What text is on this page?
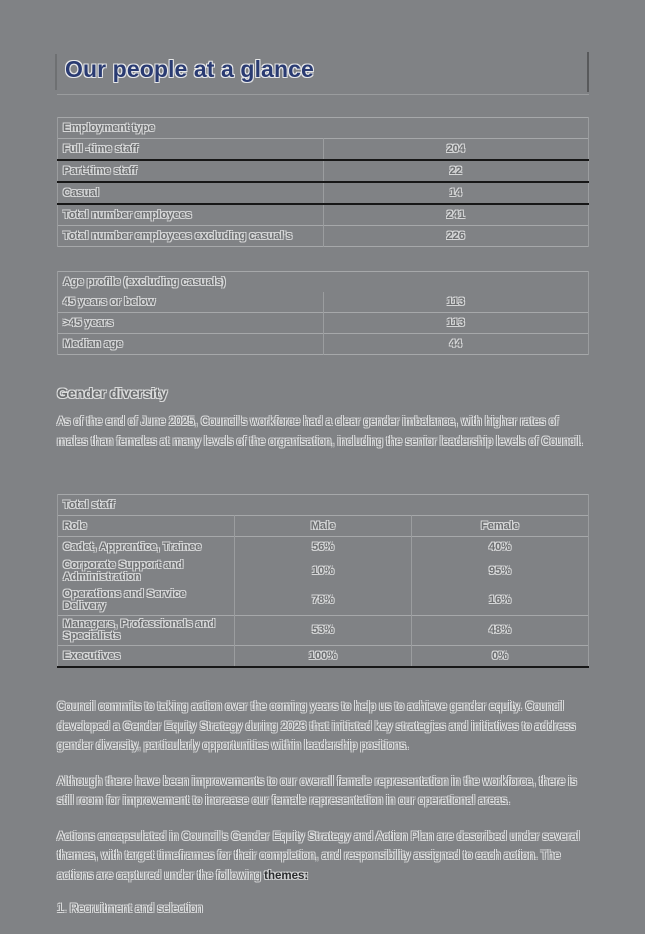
Our people at a glance
Employment type	
Full -time staff	204
Part-time staff	22
Casual	14
Total number employees	241
Total number employees excluding casual's	226
Age profile (excluding casuals)	
45 years or below	113
>45 years	113
Median age	44
Gender diversity

As of the end of June 2025, Council's workforce had a clear gender imbalance, with higher rates of males than females at many levels of the organisation, including the senior leadership levels of Council.

Total staff		
Role	Male	Female
Cadet, Apprentice, Trainee	56%	40%
Corporate Support and Administration	10%	95%
Operations and Service Delivery	78%	16%
Managers, Professionals and Specialists	53%	48%
Executives	100%	0%

Council commits to taking action over the coming years to help us to achieve gender equity. Council developed a Gender Equity Strategy during 2023 that initiated key strategies and initiatives to address gender diversity, particularly opportunities within leadership positions.

Although there have been improvements to our overall female representation in the workforce, there is still room for improvement to increase our female representation in our operational areas.

Actions encapsulated in Council's Gender Equity Strategy and Action Plan are described under several themes, with target timeframes for their completion, and responsibility assigned to each action. The actions are captured under the following themes:

1. Recruitment and selection
